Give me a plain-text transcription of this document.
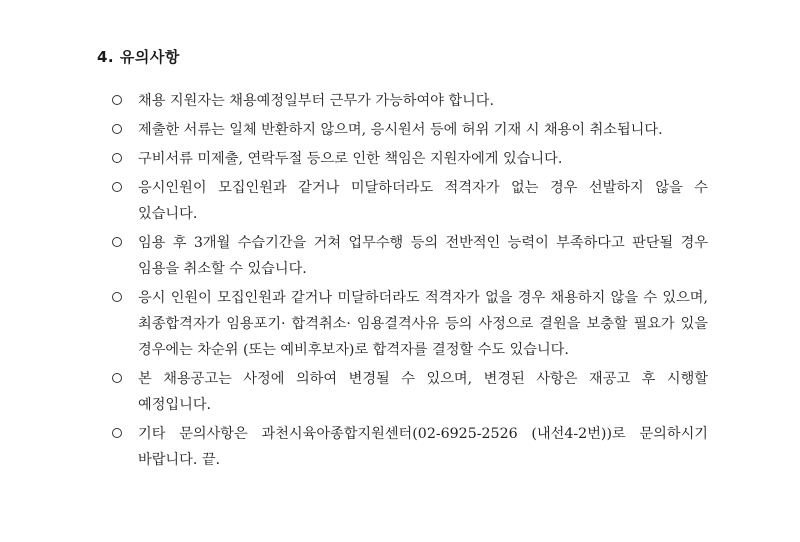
4. 유의사항
채용 지원자는 채용예정일부터 근무가 가능하여야 합니다.
제출한 서류는 일체 반환하지 않으며, 응시원서 등에 허위 기재 시 채용이 취소됩니다.
구비서류 미제출, 연락두절 등으로 인한 책임은 지원자에게 있습니다.
응시인원이 모집인원과 같거나 미달하더라도 적격자가 없는 경우 선발하지 않을 수 있습니다.
임용 후 3개월 수습기간을 거쳐 업무수행 등의 전반적인 능력이 부족하다고 판단될 경우 임용을 취소할 수 있습니다.
응시 인원이 모집인원과 같거나 미달하더라도 적격자가 없을 경우 채용하지 않을 수 있으며, 최종합격자가 임용포기· 합격취소· 임용결격사유 등의 사정으로 결원을 보충할 필요가 있을 경우에는 차순위 (또는 예비후보자)로 합격자를 결정할 수도 있습니다.
본 채용공고는 사정에 의하여 변경될 수 있으며, 변경된 사항은 재공고 후 시행할 예정입니다.
기타 문의사항은 과천시육아종합지원센터(02-6925-2526 (내선4-2번))로 문의하시기 바랍니다. 끝.
